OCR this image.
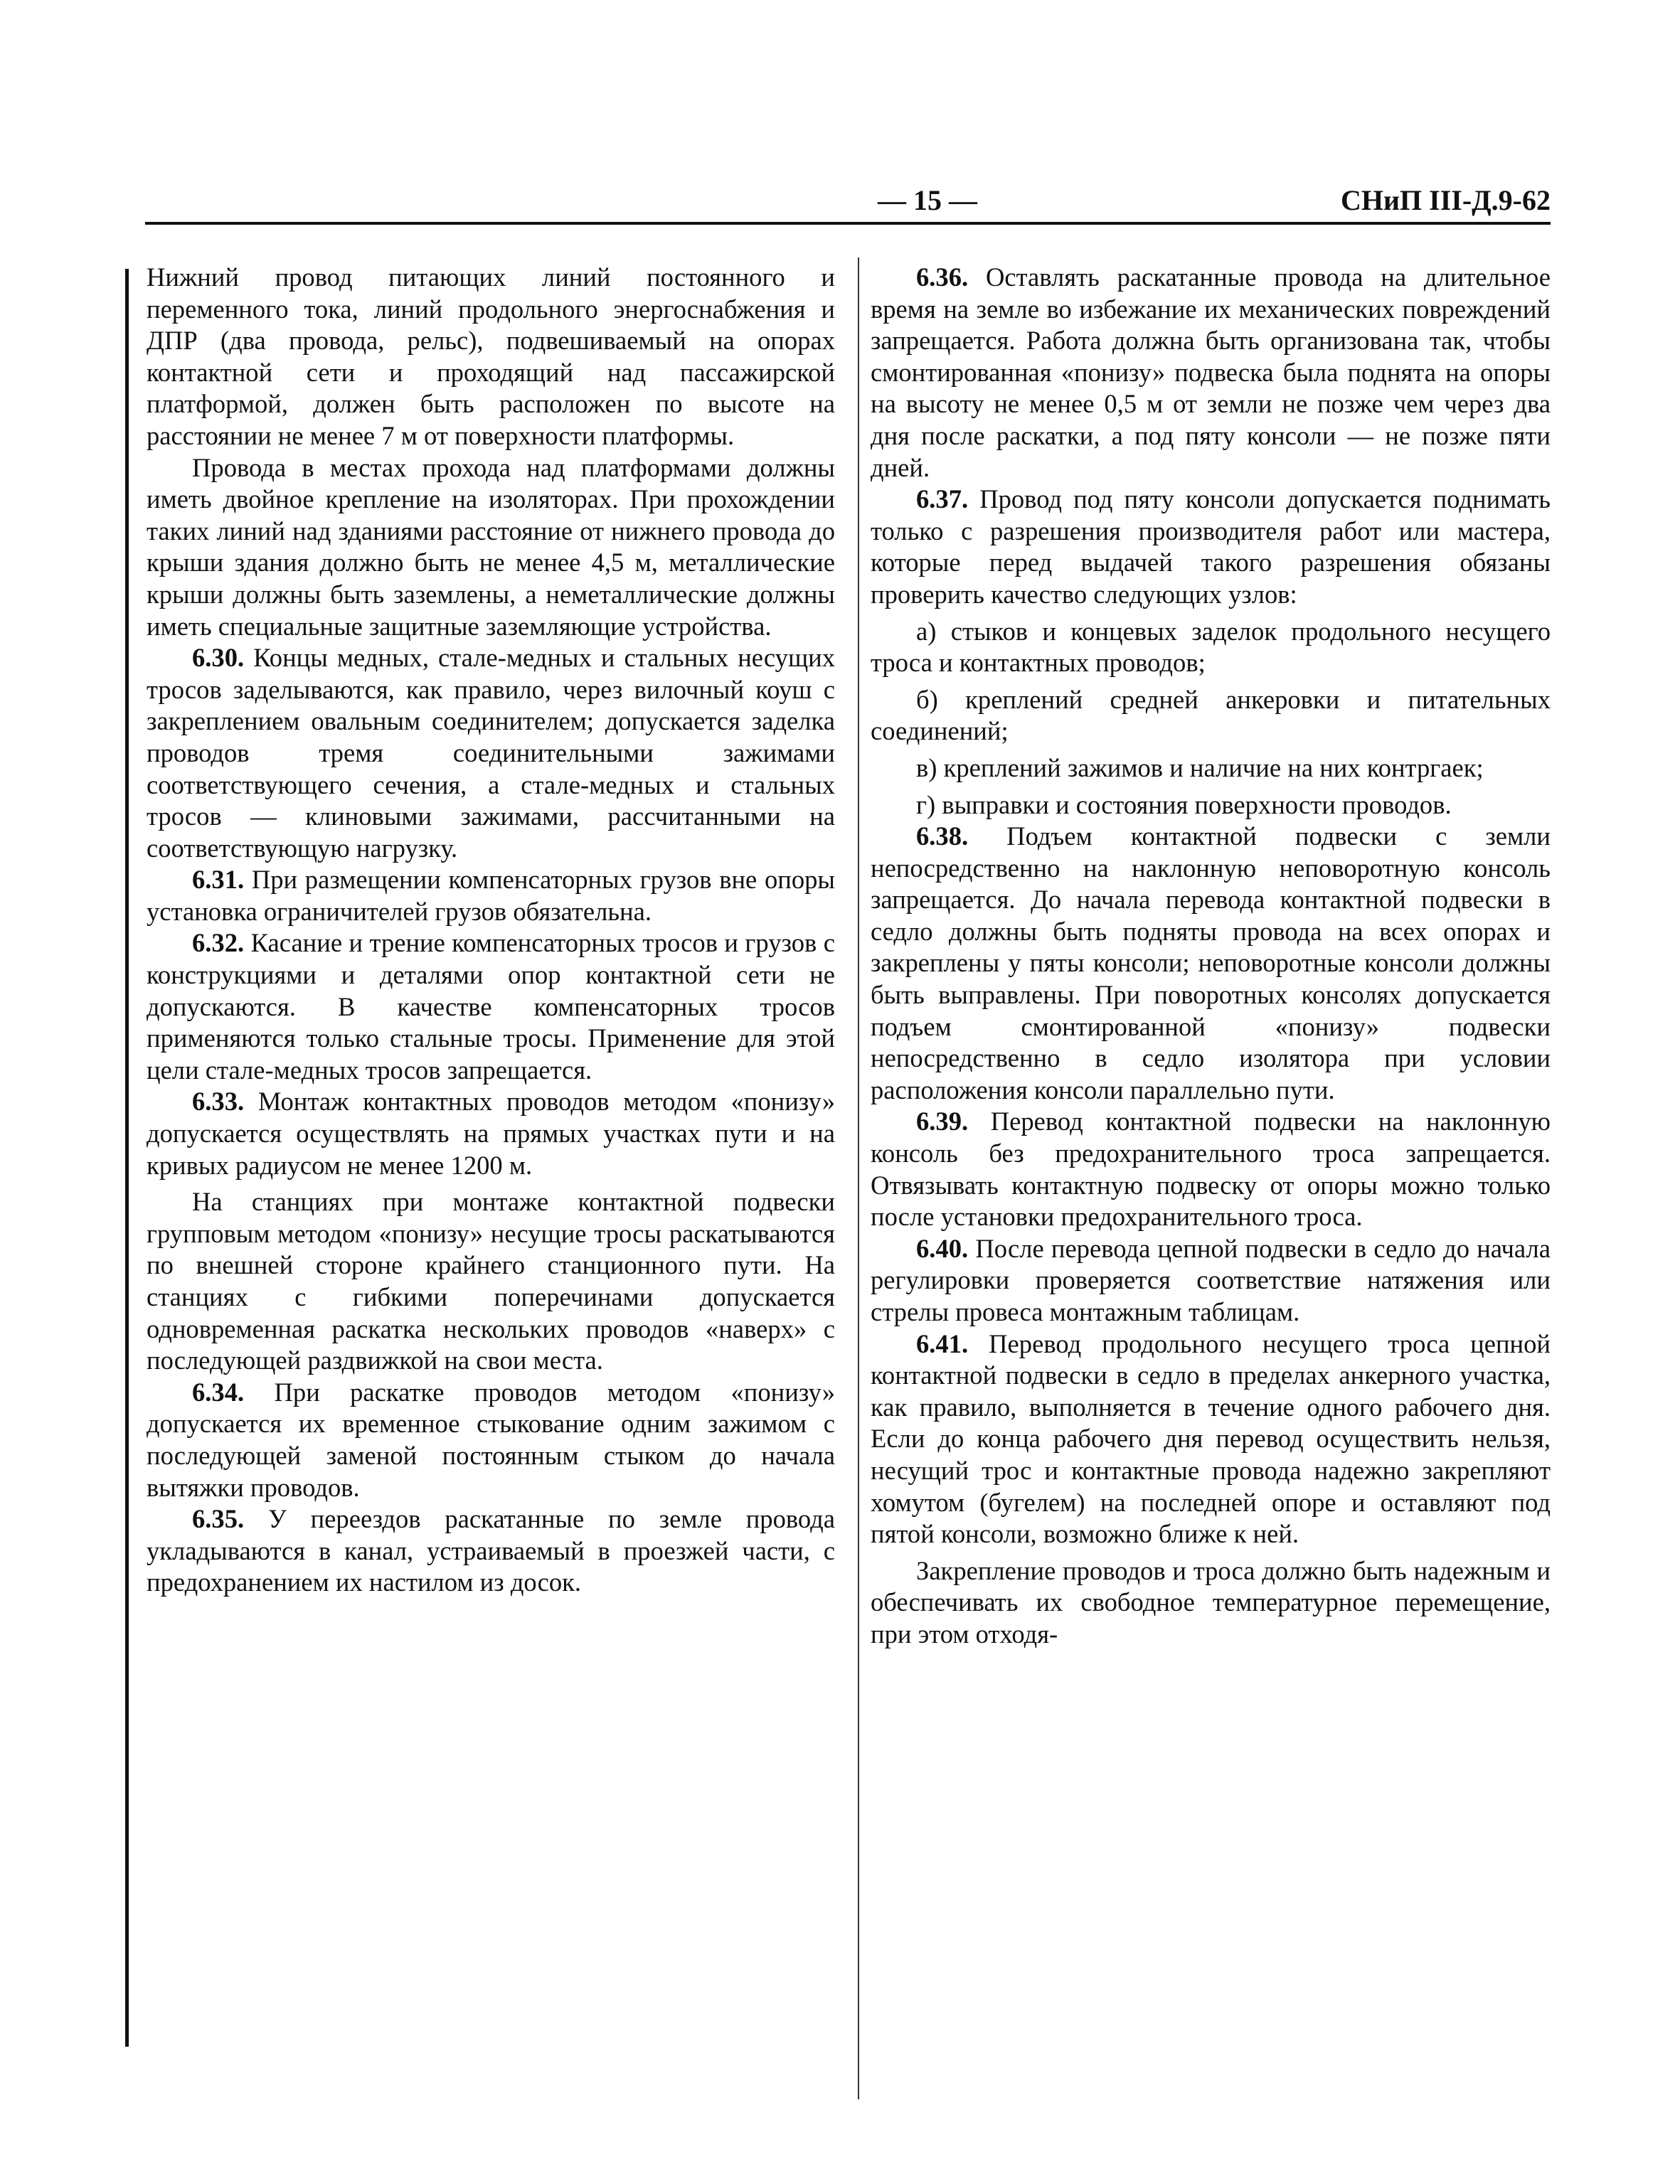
— 15 —	СНиП III-Д.9-62

Нижний провод питающих линий постоянного и переменного тока, линий продольного энергоснабжения и ДПР (два провода, рельс), подвешиваемый на опорах контактной сети и проходящий над пассажирской платформой, должен быть расположен по высоте на расстоянии не менее 7 м от поверхности платформы.

Провода в местах прохода над платформами должны иметь двойное крепление на изоляторах. При прохождении таких линий над зданиями расстояние от нижнего провода до крыши здания должно быть не менее 4,5 м, металлические крыши должны быть заземлены, а неметаллические должны иметь специальные защитные заземляющие устройства.

6.30. Концы медных, стале-медных и стальных несущих тросов заделываются, как правило, через вилочный коуш с закреплением овальным соединителем; допускается заделка проводов тремя соединительными зажимами соответствующего сечения, а стале-медных и стальных тросов — клиновыми зажимами, рассчитанными на соответствующую нагрузку.

6.31. При размещении компенсаторных грузов вне опоры установка ограничителей грузов обязательна.

6.32. Касание и трение компенсаторных тросов и грузов с конструкциями и деталями опор контактной сети не допускаются. В качестве компенсаторных тросов применяются только стальные тросы. Применение для этой цели стале-медных тросов запрещается.

6.33. Монтаж контактных проводов методом «понизу» допускается осуществлять на прямых участках пути и на кривых радиусом не менее 1200 м.

На станциях при монтаже контактной подвески групповым методом «понизу» несущие тросы раскатываются по внешней стороне крайнего станционного пути. На станциях с гибкими поперечинами допускается одновременная раскатка нескольких проводов «наверх» с последующей раздвижкой на свои места.

6.34. При раскатке проводов методом «понизу» допускается их временное стыкование одним зажимом с последующей заменой постоянным стыком до начала вытяжки проводов.

6.35. У переездов раскатанные по земле провода укладываются в канал, устраиваемый в проезжей части, с предохранением их настилом из досок.

6.36. Оставлять раскатанные провода на длительное время на земле во избежание их механических повреждений запрещается. Работа должна быть организована так, чтобы смонтированная «понизу» подвеска была поднята на опоры на высоту не менее 0,5 м от земли не позже чем через два дня после раскатки, а под пяту консоли — не позже пяти дней.

6.37. Провод под пяту консоли допускается поднимать только с разрешения производителя работ или мастера, которые перед выдачей такого разрешения обязаны проверить качество следующих узлов:

а) стыков и концевых заделок продольного несущего троса и контактных проводов;

б) креплений средней анкеровки и питательных соединений;

в) креплений зажимов и наличие на них контргаек;

г) выправки и состояния поверхности проводов.

6.38. Подъем контактной подвески с земли непосредственно на наклонную неповоротную консоль запрещается. До начала перевода контактной подвески в седло должны быть подняты провода на всех опорах и закреплены у пяты консоли; неповоротные консоли должны быть выправлены. При поворотных консолях допускается подъем смонтированной «понизу» подвески непосредственно в седло изолятора при условии расположения консоли параллельно пути.

6.39. Перевод контактной подвески на наклонную консоль без предохранительного троса запрещается. Отвязывать контактную подвеску от опоры можно только после установки предохранительного троса.

6.40. После перевода цепной подвески в седло до начала регулировки проверяется соответствие натяжения или стрелы провеса монтажным таблицам.

6.41. Перевод продольного несущего троса цепной контактной подвески в седло в пределах анкерного участка, как правило, выполняется в течение одного рабочего дня. Если до конца рабочего дня перевод осуществить нельзя, несущий трос и контактные провода надежно закрепляют хомутом (бугелем) на последней опоре и оставляют под пятой консоли, возможно ближе к ней.

Закрепление проводов и троса должно быть надежным и обеспечивать их свободное температурное перемещение, при этом отходя-
